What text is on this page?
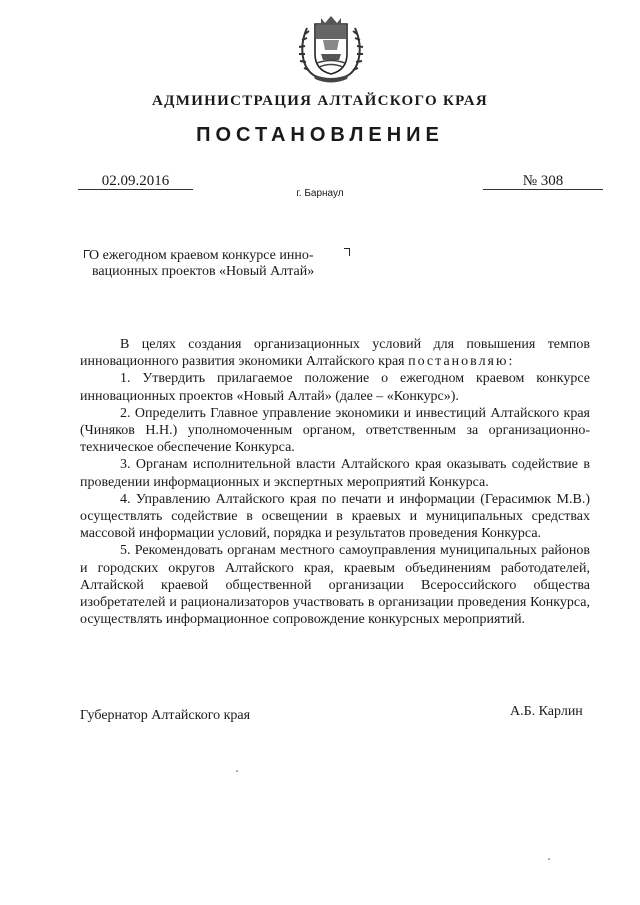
АДМИНИСТРАЦИЯ АЛТАЙСКОГО КРАЯ
ПОСТАНОВЛЕНИЕ
02.09.2016	№ 308
г. Барнаул
О ежегодном краевом конкурсе инно-
вационных проектов «Новый Алтай»

В целях создания организационных условий для повышения темпов инновационного развития экономики Алтайского края постановляю:

1. Утвердить прилагаемое положение о ежегодном краевом конкурсе инновационных проектов «Новый Алтай» (далее – «Конкурс»).

2. Определить Главное управление экономики и инвестиций Алтайского края (Чиняков Н.Н.) уполномоченным органом, ответственным за организационно-техническое обеспечение Конкурса.

3. Органам исполнительной власти Алтайского края оказывать содействие в проведении информационных и экспертных мероприятий Конкурса.

4. Управлению Алтайского края по печати и информации (Герасимюк М.В.) осуществлять содействие в освещении в краевых и муниципальных средствах массовой информации условий, порядка и результатов проведения Конкурса.

5. Рекомендовать органам местного самоуправления муниципальных районов и городских округов Алтайского края, краевым объединениям работодателей, Алтайской краевой общественной организации Всероссийского общества изобретателей и рационализаторов участвовать в организации проведения Конкурса, осуществлять информационное сопровождение конкурсных мероприятий.

Губернатор Алтайского края	А.Б. Карлин
